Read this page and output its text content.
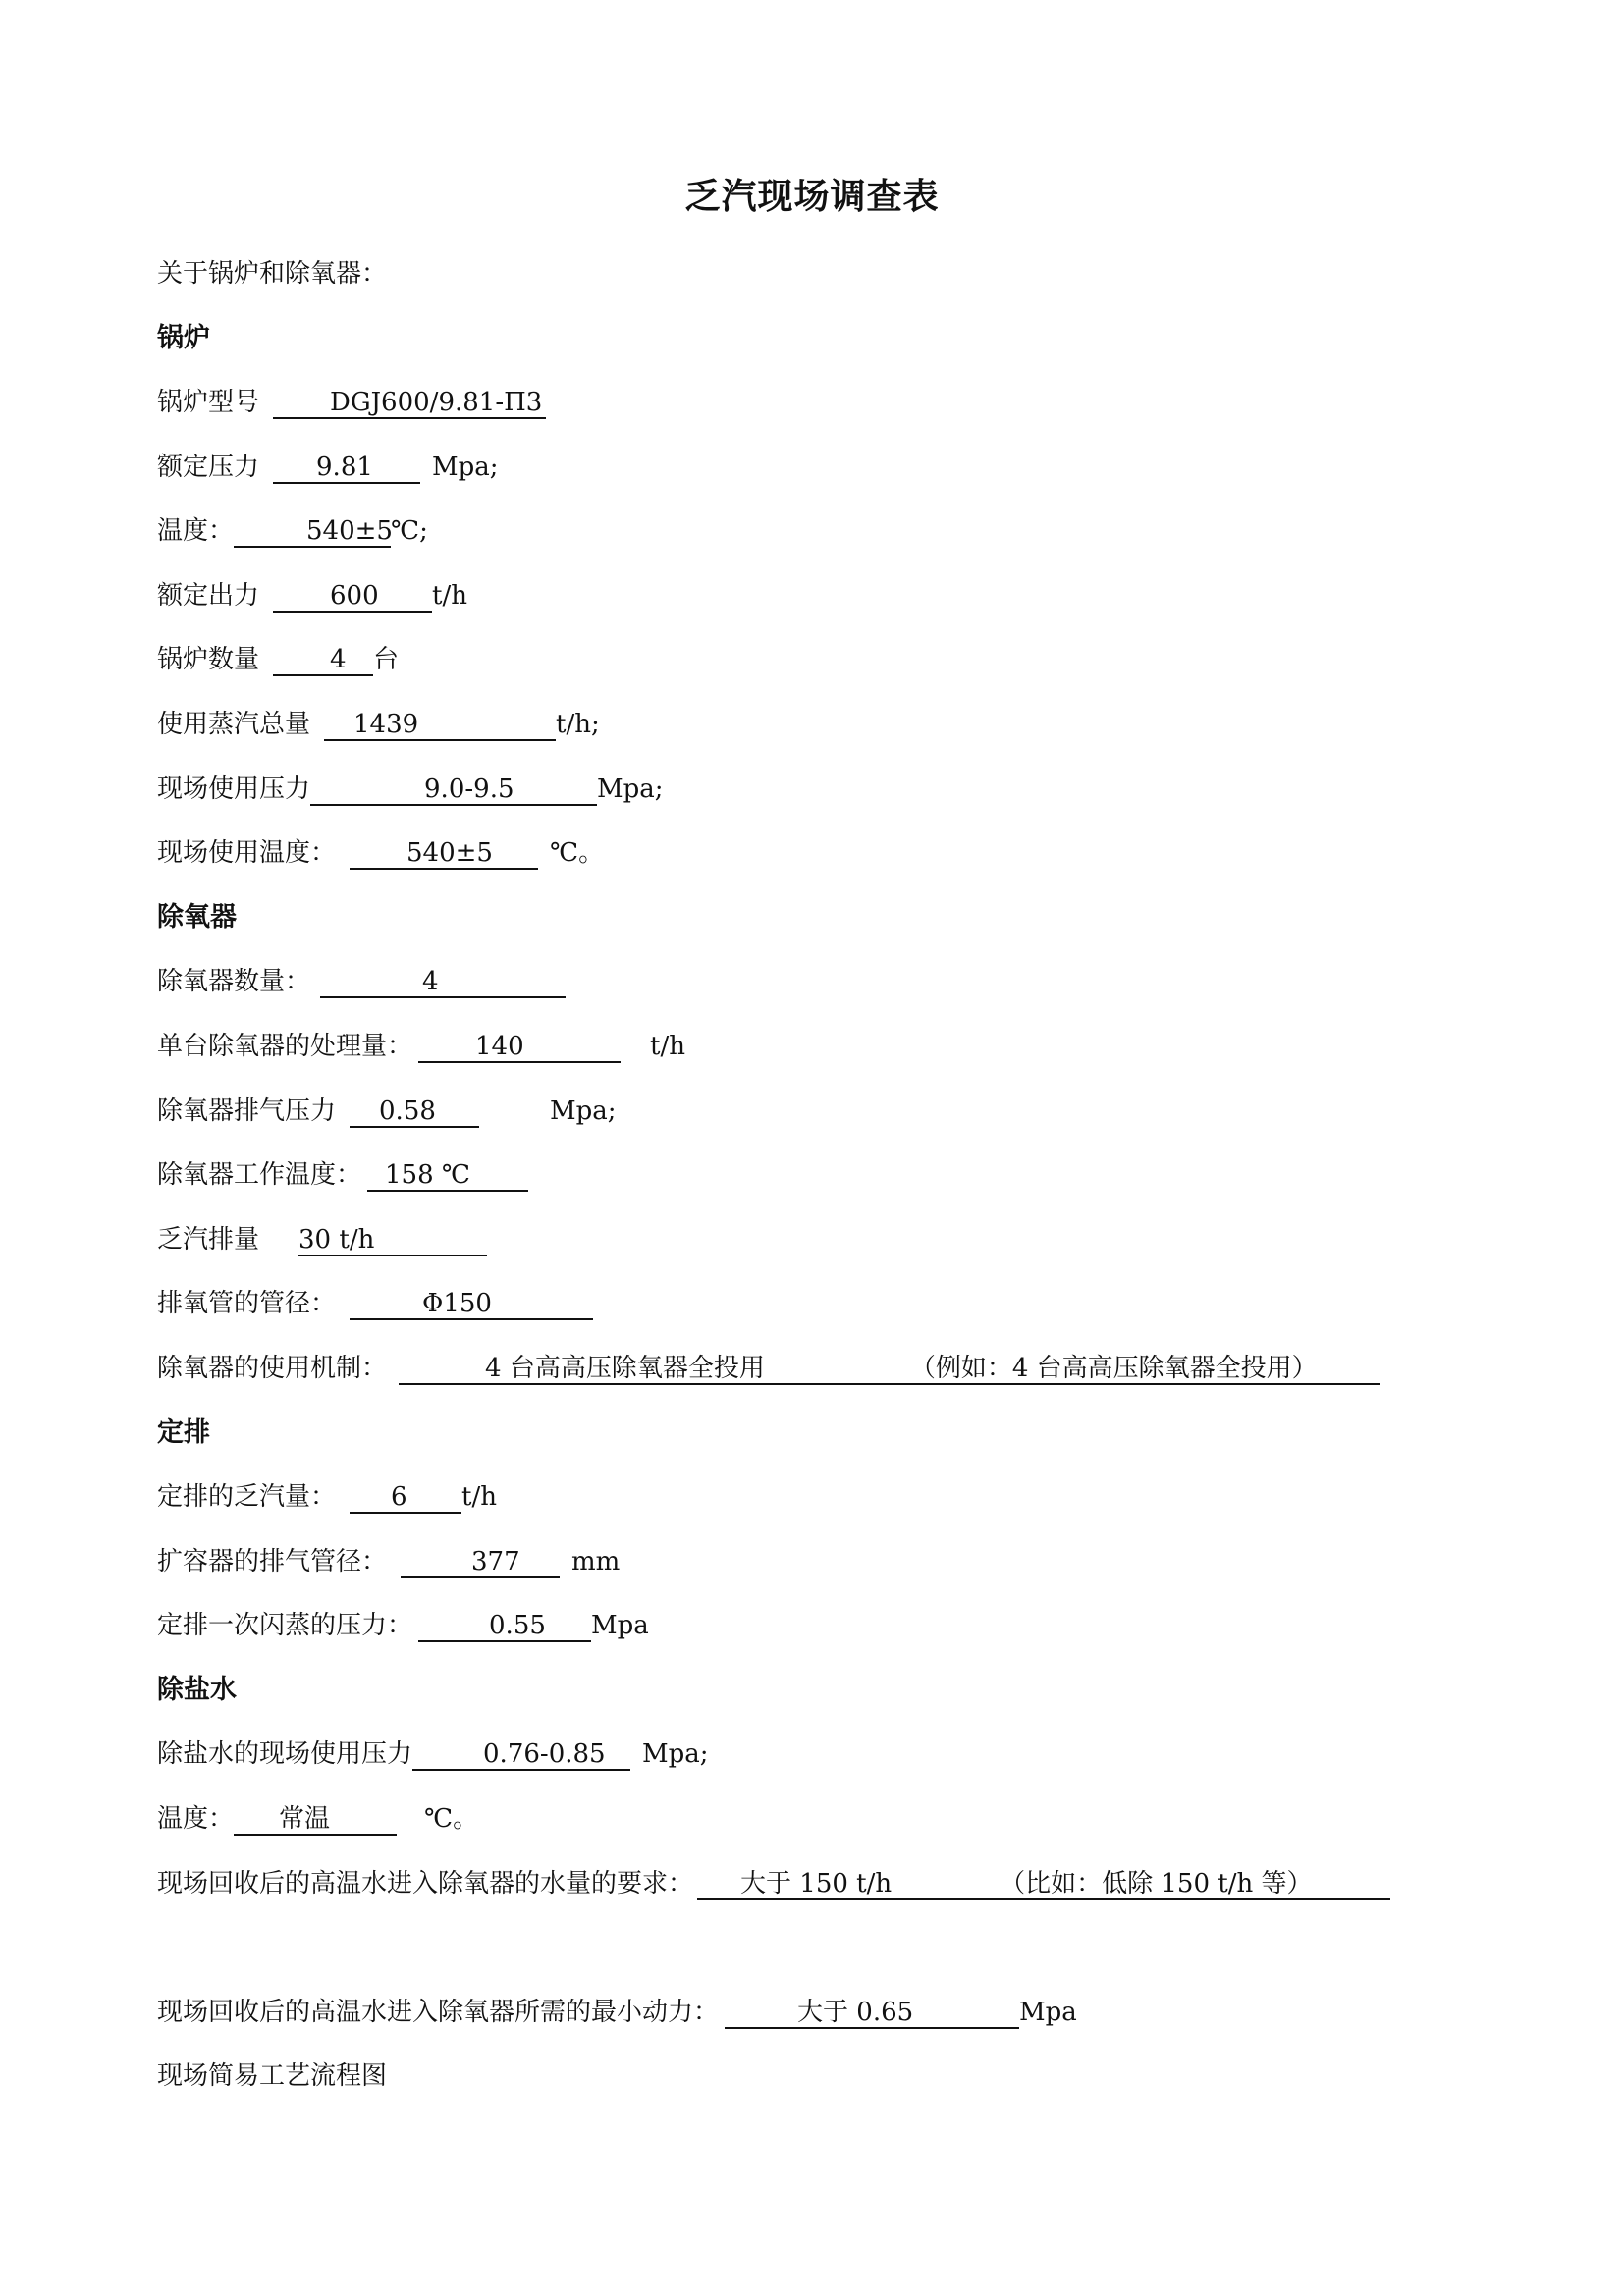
乏汽现场调查表
关于锅炉和除氧器：
锅炉
锅炉型号	DGJ600/9.81-Π3
额定压力 9.81 Mpa;
温度：	540±5℃;
额定出力	600 t/h
锅炉数量	4 台
使用蒸汽总量 1439	t/h;
现场使用压力	9.0-9.5	Mpa;
现场使用温度：	540±5 ℃。
除氧器
除氧器数量：	4
单台除氧器的处理量： 140	t/h
除氧器排气压力 0.58	Mpa;
除氧器工作温度： 158 ℃
乏汽排量 30 t/h
排氧管的管径：	Φ150
除氧器的使用机制：	4 台高高压除氧器全投用	（例如：4 台高高压除氧器全投用）
定排
定排的乏汽量： 6 t/h
扩容器的排气管径：	377 mm
定排一次闪蒸的压力：	0.55 Mpa
除盐水
除盐水的现场使用压力	0.76-0.85 Mpa;
温度： 常温	℃。
现场回收后的高温水进入除氧器的水量的要求： 大于 150 t/h	（比如：低除 150 t/h 等）
现场回收后的高温水进入除氧器所需的最小动力：	大于 0.65	Mpa
现场简易工艺流程图
